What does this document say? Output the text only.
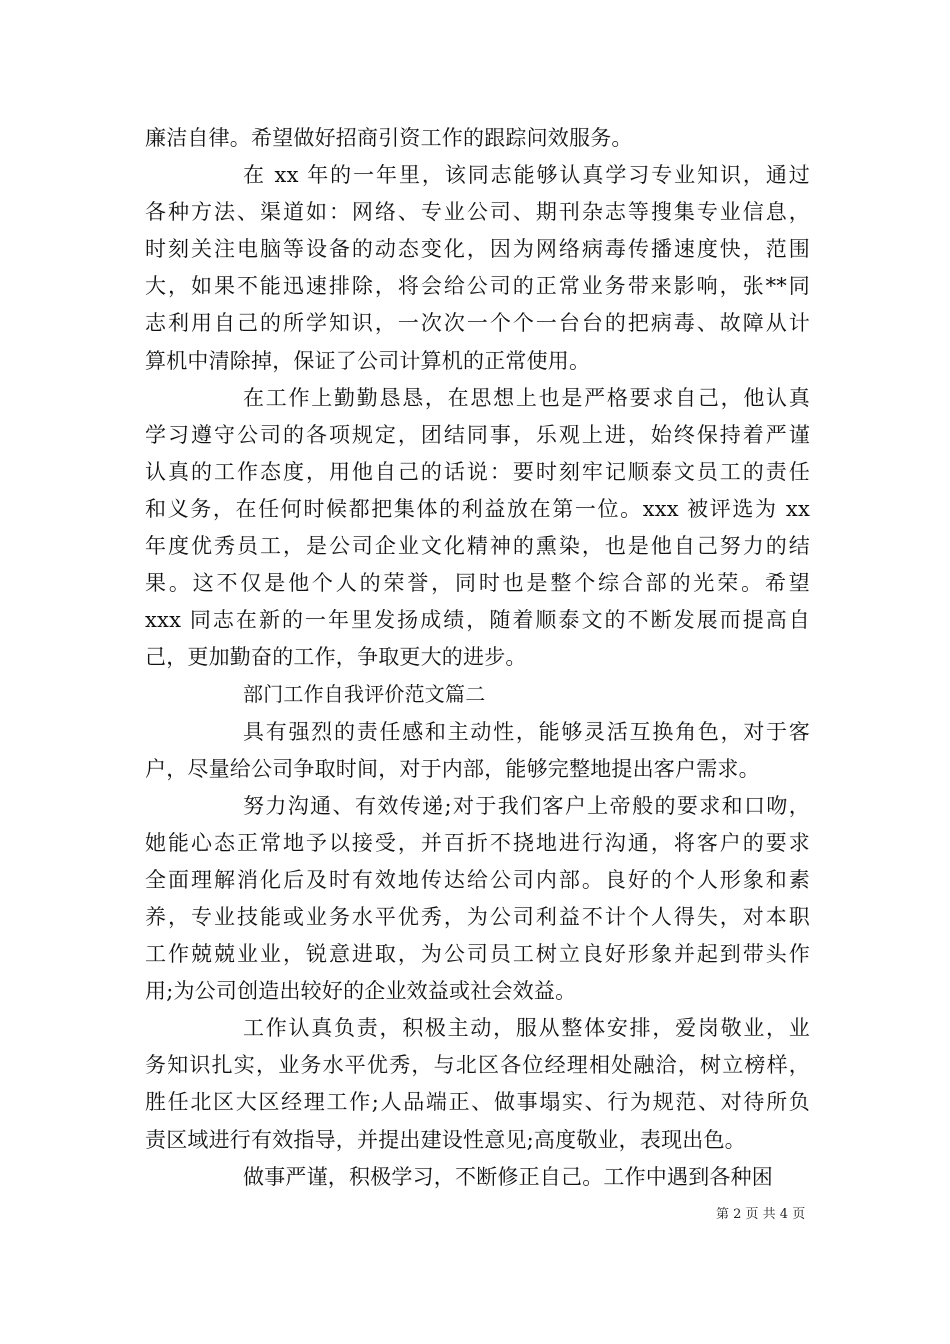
廉洁自律。希望做好招商引资工作的跟踪问效服务。
在 xx 年的一年里，该同志能够认真学习专业知识，通过
各种方法、渠道如：网络、专业公司、期刊杂志等搜集专业信息，
时刻关注电脑等设备的动态变化，因为网络病毒传播速度快，范围
大，如果不能迅速排除，将会给公司的正常业务带来影响，张**同
志利用自己的所学知识，一次次一个个一台台的把病毒、故障从计
算机中清除掉，保证了公司计算机的正常使用。
在工作上勤勤恳恳，在思想上也是严格要求自己，他认真
学习遵守公司的各项规定，团结同事，乐观上进，始终保持着严谨
认真的工作态度，用他自己的话说：要时刻牢记顺泰文员工的责任
和义务，在任何时候都把集体的利益放在第一位。xxx 被评选为 xx
年度优秀员工，是公司企业文化精神的熏染，也是他自己努力的结
果。这不仅是他个人的荣誉，同时也是整个综合部的光荣。希望
xxx 同志在新的一年里发扬成绩，随着顺泰文的不断发展而提高自
己，更加勤奋的工作，争取更大的进步。
部门工作自我评价范文篇二
具有强烈的责任感和主动性，能够灵活互换角色，对于客
户，尽量给公司争取时间，对于内部，能够完整地提出客户需求。
努力沟通、有效传递;对于我们客户上帝般的要求和口吻，
她能心态正常地予以接受，并百折不挠地进行沟通，将客户的要求
全面理解消化后及时有效地传达给公司内部。良好的个人形象和素
养，专业技能或业务水平优秀，为公司利益不计个人得失，对本职
工作兢兢业业，锐意进取，为公司员工树立良好形象并起到带头作
用;为公司创造出较好的企业效益或社会效益。
工作认真负责，积极主动，服从整体安排，爱岗敬业，业
务知识扎实，业务水平优秀，与北区各位经理相处融洽，树立榜样，
胜任北区大区经理工作;人品端正、做事塌实、行为规范、对待所负
责区域进行有效指导，并提出建设性意见;高度敬业，表现出色。
做事严谨，积极学习，不断修正自己。工作中遇到各种困
第 2 页 共 4 页
